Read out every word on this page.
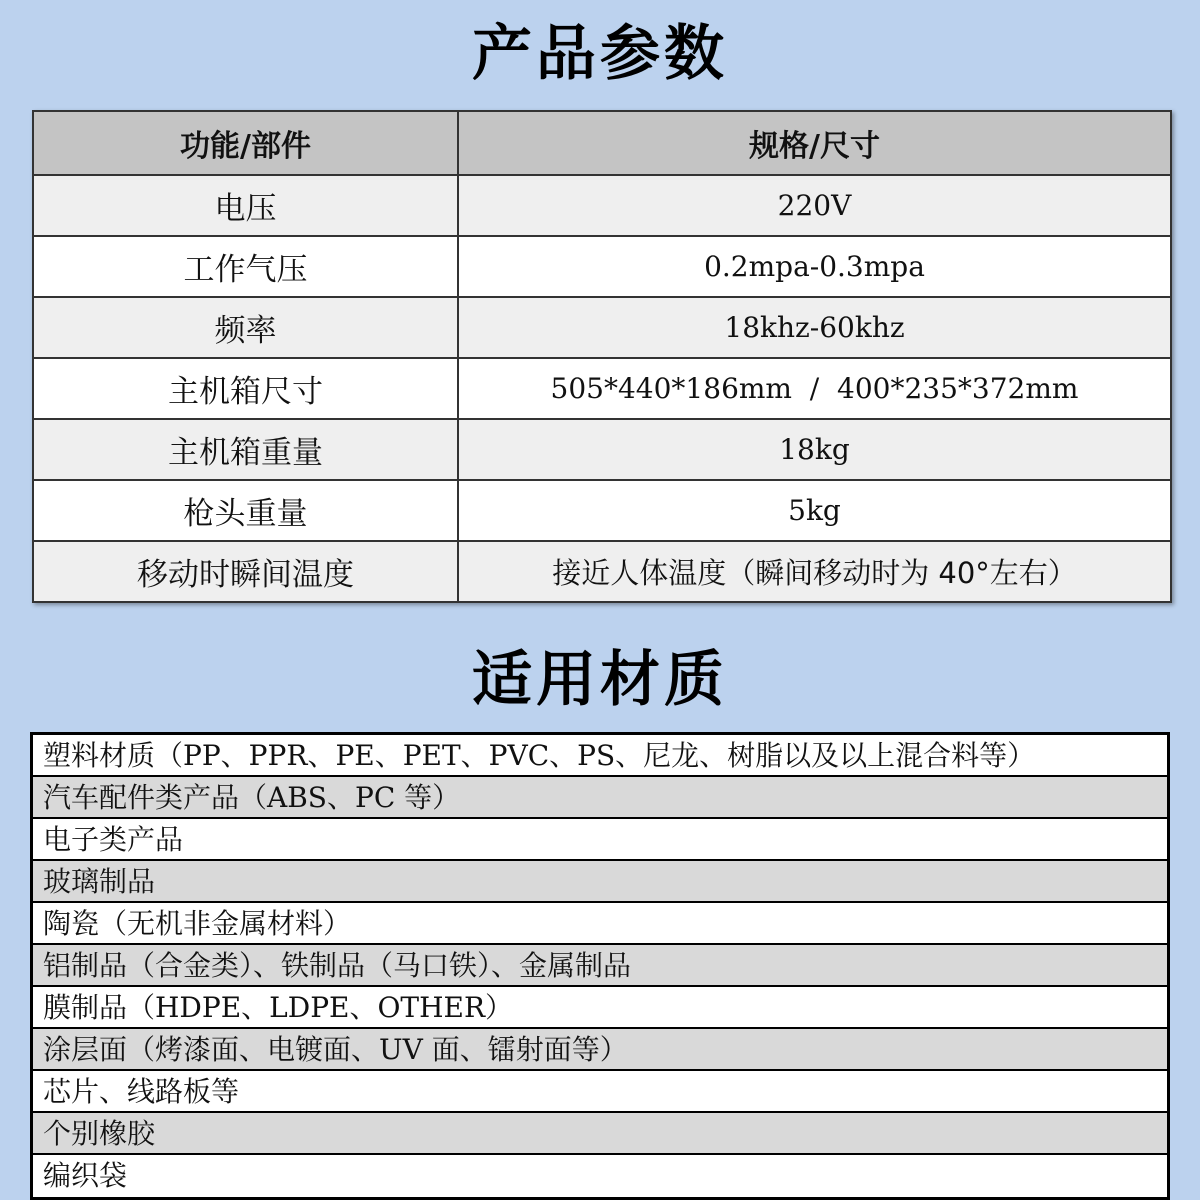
产品参数
功能/部件	规格/尺寸
电压	220V
工作气压	0.2mpa-0.3mpa
频率	18khz-60khz
主机箱尺寸	505*440*186mm  /  400*235*372mm
主机箱重量	18kg
枪头重量	5kg
移动时瞬间温度	接近人体温度（瞬间移动时为 40°左右）
适用材质
塑料材质（PP、PPR、PE、PET、PVC、PS、尼龙、树脂以及以上混合料等）
汽车配件类产品（ABS、PC 等）
电子类产品
玻璃制品
陶瓷（无机非金属材料）
铝制品（合金类）、铁制品（马口铁）、金属制品
膜制品（HDPE、LDPE、OTHER）
涂层面（烤漆面、电镀面、UV 面、镭射面等）
芯片、线路板等
个别橡胶
编织袋
